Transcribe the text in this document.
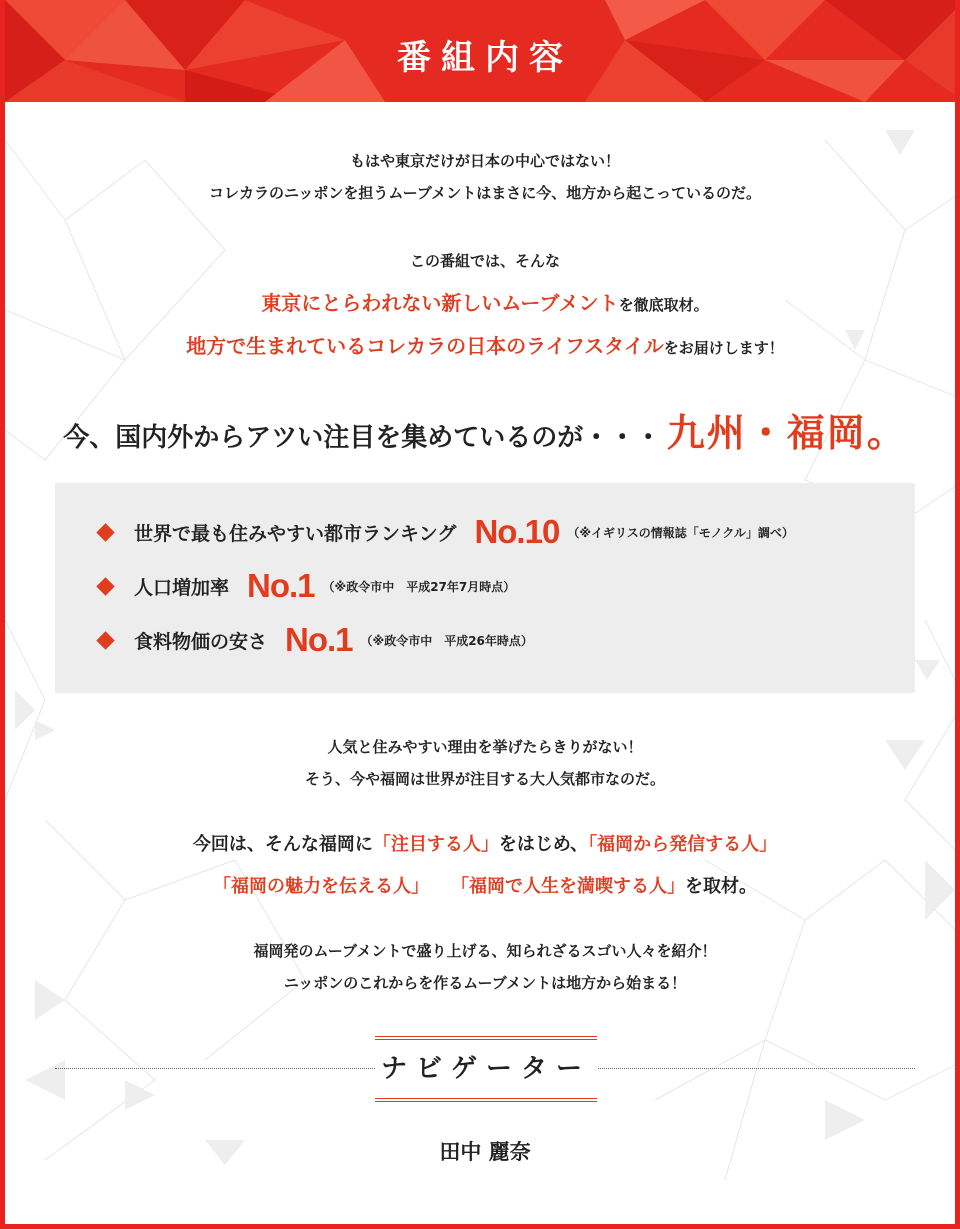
番組内容
もはや東京だけが日本の中心ではない！
コレカラのニッポンを担うムーブメントはまさに今、地方から起こっているのだ。
この番組では、そんな
東京にとらわれない新しいムーブメントを徹底取材。
地方で生まれているコレカラの日本のライフスタイルをお届けします！
今、国内外からアツい注目を集めているのが・・・ 九州・福岡。
世界で最も住みやすい都市ランキング No.10 （※イギリスの情報誌「モノクル」調べ）
人口増加率 No.1 （※政令市中　平成27年7月時点）
食料物価の安さ No.1 （※政令市中　平成26年時点）
人気と住みやすい理由を挙げたらきりがない！
そう、今や福岡は世界が注目する大人気都市なのだ。
今回は、そんな福岡に「注目する人」をはじめ、「福岡から発信する人」
「福岡の魅力を伝える人」 「福岡で人生を満喫する人」を取材。
福岡発のムーブメントで盛り上げる、知られざるスゴい人々を紹介！
ニッポンのこれからを作るムーブメントは地方から始まる！
ナビゲーター
田中 麗奈
